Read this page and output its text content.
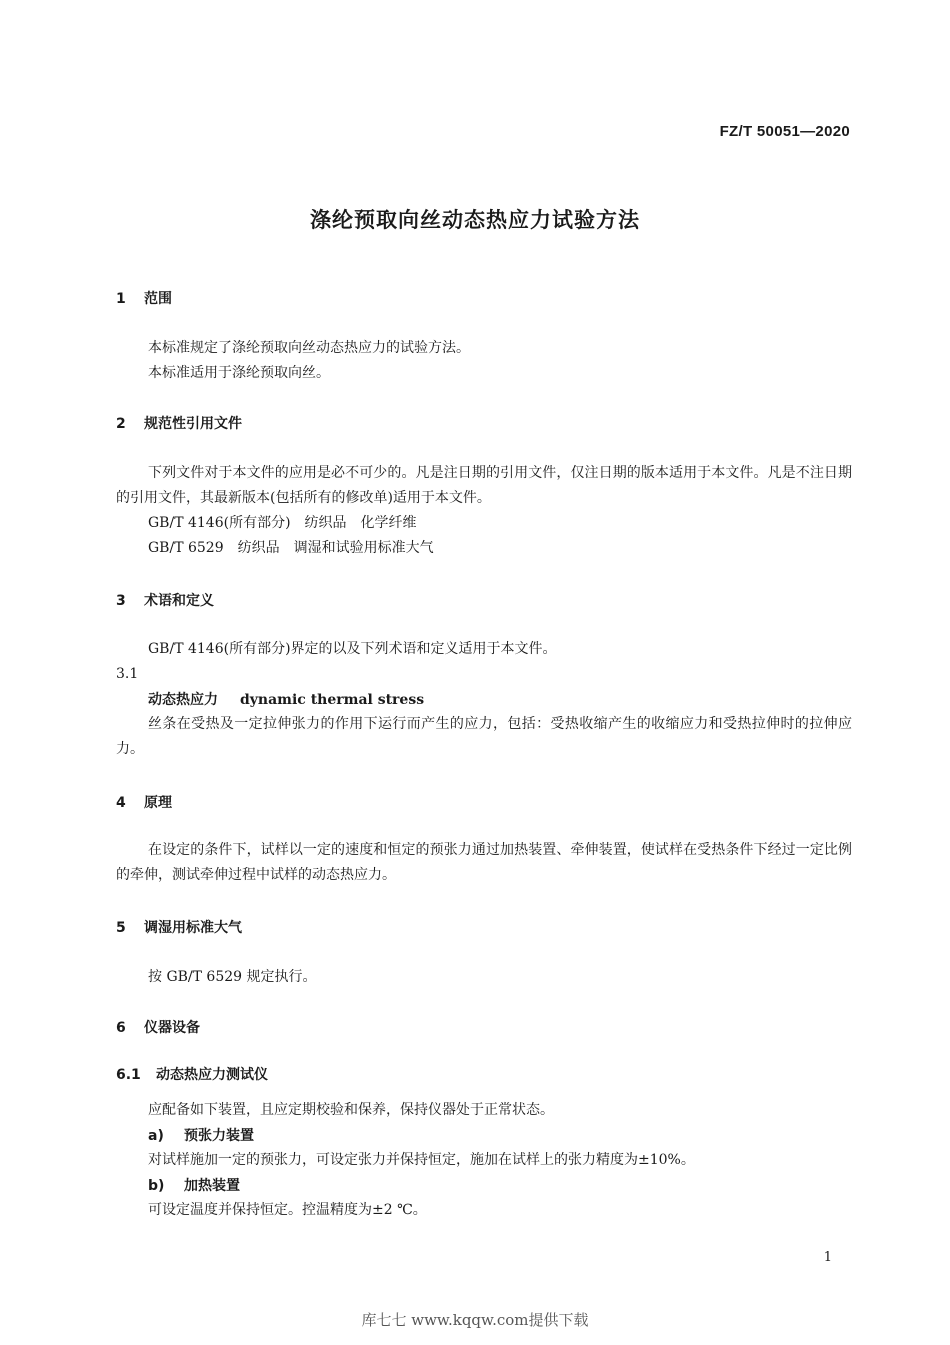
FZ/T 50051—2020
涤纶预取向丝动态热应力试验方法
1 范围
本标准规定了涤纶预取向丝动态热应力的试验方法。
本标准适用于涤纶预取向丝。
2 规范性引用文件
下列文件对于本文件的应用是必不可少的。凡是注日期的引用文件，仅注日期的版本适用于本文件。凡是不注日期的引用文件，其最新版本(包括所有的修改单)适用于本文件。
GB/T 4146(所有部分)　纺织品　化学纤维
GB/T 6529　纺织品　调湿和试验用标准大气
3 术语和定义
GB/T 4146(所有部分)界定的以及下列术语和定义适用于本文件。
3.1
动态热应力 dynamic thermal stress
丝条在受热及一定拉伸张力的作用下运行而产生的应力，包括：受热收缩产生的收缩应力和受热拉伸时的拉伸应力。
4 原理
在设定的条件下，试样以一定的速度和恒定的预张力通过加热装置、牵伸装置，使试样在受热条件下经过一定比例的牵伸，测试牵伸过程中试样的动态热应力。
5 调湿用标准大气
按 GB/T 6529 规定执行。
6 仪器设备
6.1 动态热应力测试仪
应配备如下装置，且应定期校验和保养，保持仪器处于正常状态。
a) 预张力装置
对试样施加一定的预张力，可设定张力并保持恒定，施加在试样上的张力精度为±10%。
b) 加热装置
可设定温度并保持恒定。控温精度为±2 ℃。
1
库七七 www.kqqw.com提供下载
